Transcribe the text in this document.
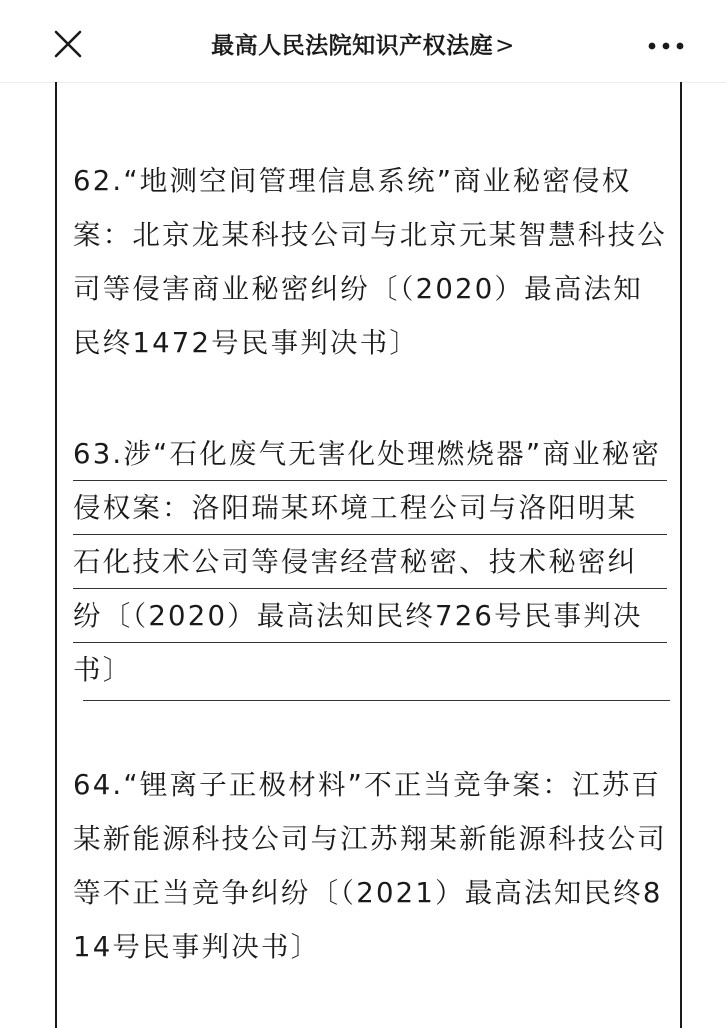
最高人民法院知识产权法庭>
62.“地测空间管理信息系统”商业秘密侵权案：北京龙某科技公司与北京元某智慧科技公司等侵害商业秘密纠纷〔（2020）最高法知民终1472号民事判决书〕
63.涉“石化废气无害化处理燃烧器”商业秘密
侵权案：洛阳瑞某环境工程公司与洛阳明某
石化技术公司等侵害经营秘密、技术秘密纠
纷〔（2020）最高法知民终726号民事判决
书〕
64.“锂离子正极材料”不正当竞争案：江苏百某新能源科技公司与江苏翔某新能源科技公司等不正当竞争纠纷〔（2021）最高法知民终814号民事判决书〕
